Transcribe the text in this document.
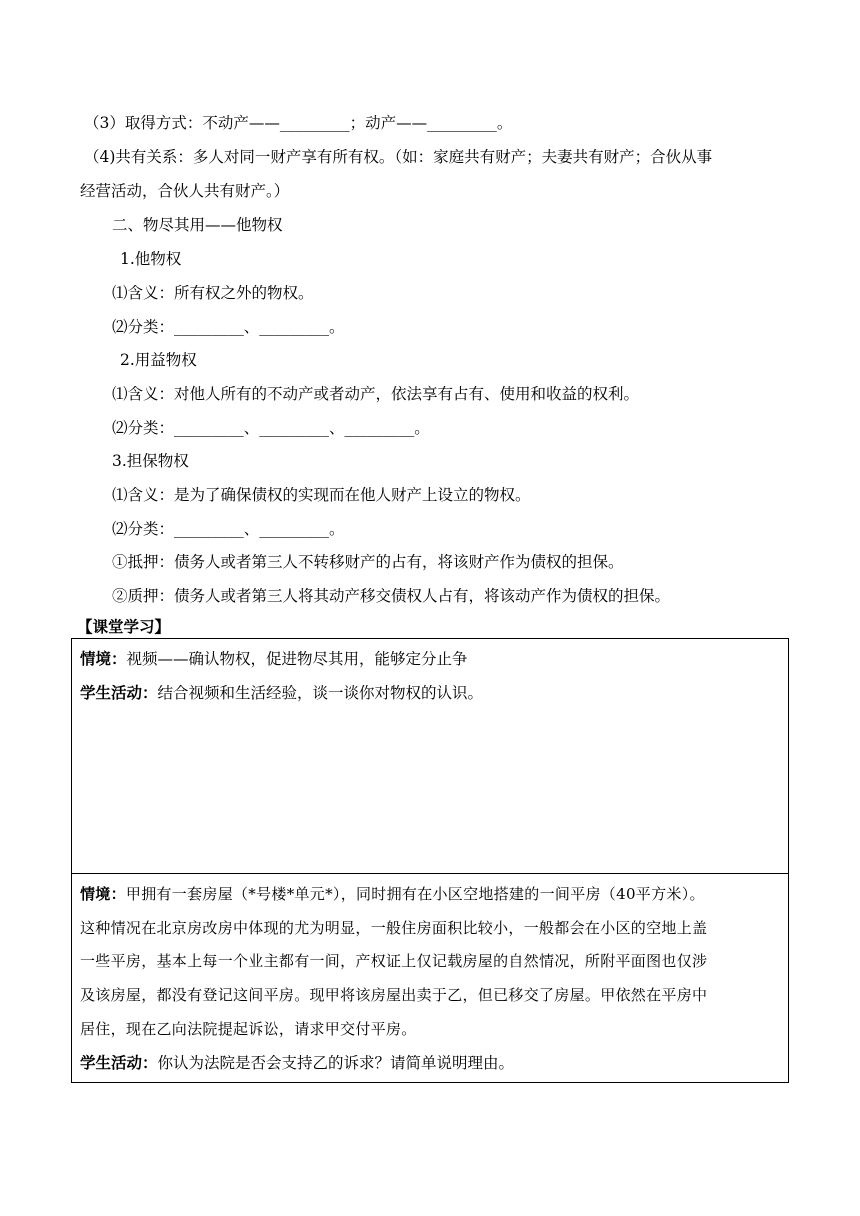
（3）取得方式：不动产——_________；动产——_________。
（4)共有关系：多人对同一财产享有所有权。（如：家庭共有财产；夫妻共有财产；合伙从事
经营活动，合伙人共有财产。）
二、物尽其用——他物权
1.他物权
⑴含义：所有权之外的物权。
⑵分类：_________、_________。
2.用益物权
⑴含义：对他人所有的不动产或者动产，依法享有占有、使用和收益的权利。
⑵分类：_________、_________、_________。
3.担保物权
⑴含义：是为了确保债权的实现而在他人财产上设立的物权。
⑵分类：_________、_________。
①抵押：债务人或者第三人不转移财产的占有，将该财产作为债权的担保。
②质押：债务人或者第三人将其动产移交债权人占有，将该动产作为债权的担保。
【课堂学习】
情境：视频——确认物权，促进物尽其用，能够定分止争
学生活动：结合视频和生活经验，谈一谈你对物权的认识。
情境：甲拥有一套房屋（*号楼*单元*），同时拥有在小区空地搭建的一间平房（40平方米）。
这种情况在北京房改房中体现的尤为明显，一般住房面积比较小，一般都会在小区的空地上盖
一些平房，基本上每一个业主都有一间，产权证上仅记载房屋的自然情况，所附平面图也仅涉
及该房屋，都没有登记这间平房。现甲将该房屋出卖于乙，但已移交了房屋。甲依然在平房中
居住，现在乙向法院提起诉讼，请求甲交付平房。
学生活动：你认为法院是否会支持乙的诉求？请简单说明理由。
